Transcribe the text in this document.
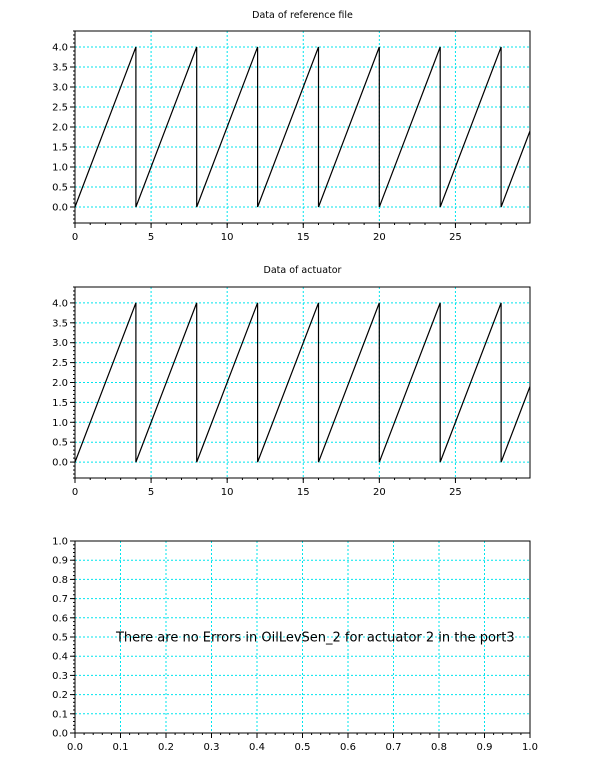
0.0
0.5
1.0
1.5
2.0
2.5
3.0
3.5
4.0
0	5	10	15	20	25
Data of reference file
0.0
0.5
1.0
1.5
2.0
2.5
3.0
3.5
4.0
0	5	10	15	20	25
Data of actuator
0.0
0.1
0.2
0.3
0.4
0.5
0.6
0.7
0.8
0.9
1.0
0.0	0.1	0.2	0.3	0.4	0.5	0.6	0.7	0.8	0.9	1.0
There are no Errors in OilLevSen_2 for actuator 2 in the port3
